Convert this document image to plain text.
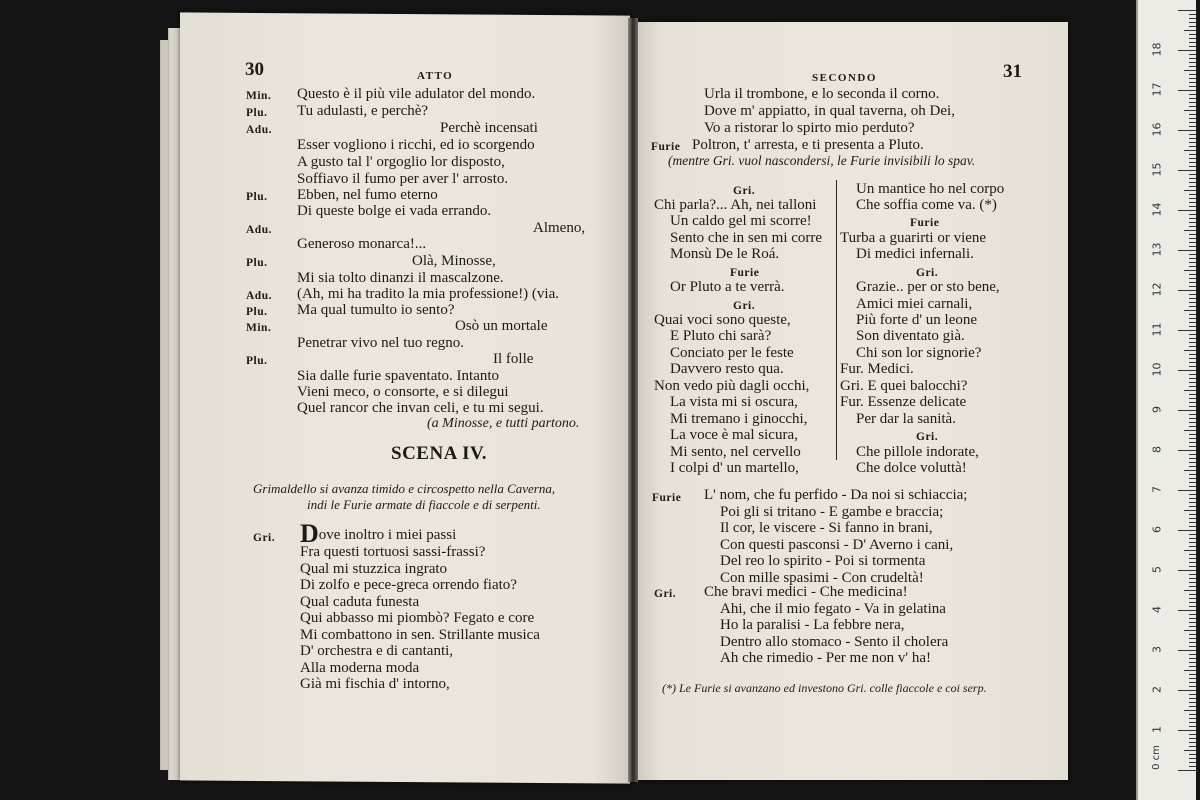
30	ATTO
Min. Questo è il più vile adulator del mondo.
Plu. Tu adulasti, e perchè?
Adu.	Perchè incensati
Esser vogliono i ricchi, ed io scorgendo
A gusto tal l' orgoglio lor disposto,
Soffiavo il fumo per aver l' arrosto.
Plu. Ebben, nel fumo eterno
Di queste bolge ei vada errando.
Adu.	Almeno,
Generoso monarca!...
Plu.	Olà, Minosse,
Mi sia tolto dinanzi il mascalzone.
Adu. (Ah, mi ha tradito la mia professione!) (via.
Plu. Ma qual tumulto io sento?
Min.	Osò un mortale
Penetrar vivo nel tuo regno.
Plu.	Il folle
Sia dalle furie spaventato. Intanto
Vieni meco, o consorte, e si dilegui
Quel rancor che invan celi, e tu mi segui.
(a Minosse, e tutti partono.
SCENA IV.
Grimaldello si avanza timido e circospetto nella Caverna,
indi le Furie armate di fiaccole e di serpenti.
Gri. Dove inoltro i miei passi
Fra questi tortuosi sassi-frassi?
Qual mi stuzzica ingrato
Di zolfo e pece-greca orrendo fiato?
Qual caduta funesta
Qui abbasso mi piombò? Fegato e core
Mi combattono in sen. Strillante musica
D' orchestra e di cantanti,
Alla moderna moda
Già mi fischia d' intorno,
SECONDO	31
Urla il trombone, e lo seconda il corno.
Dove m' appiatto, in qual taverna, oh Dei,
Vo a ristorar lo spirto mio perduto?
Furie Poltron, t' arresta, e ti presenta a Pluto.
(mentre Gri. vuol nascondersi, le Furie invisibili lo spav.
Gri.
Chi parla?... Ah, nei talloni
Un caldo gel mi scorre!
Sento che in sen mi corre
Monsù De le Roá.
Furie
Or Pluto a te verrà.
Gri.
Quai voci sono queste,
E Pluto chi sarà?
Conciato per le feste
Davvero resto qua.
Non vedo più dagli occhi,
La vista mi si oscura,
Mi tremano i ginocchi,
La voce è mal sicura,
Mi sento, nel cervello
I colpi d' un martello,
Un mantice ho nel corpo
Che soffia come va. (*)
Furie
Turba a guarirti or viene
Di medici infernali.
Gri.
Grazie.. per or sto bene,
Amici miei carnali,
Più forte d' un leone
Son diventato già.
Chi son lor signorie?
Fur. Medici.
Gri. E quei balocchi?
Fur. Essenze delicate
Per dar la sanità.
Gri.
Che pillole indorate,
Che dolce voluttà!
Furie L' nom, che fu perfido - Da noi si schiaccia;
Poi gli si tritano - E gambe e braccia;
Il cor, le viscere - Si fanno in brani,
Con questi pasconsi - D' Averno i cani,
Del reo lo spirito - Poi si tormenta
Con mille spasimi - Con crudeltà!
Gri. Che bravi medici - Che medicina!
Ahi, che il mio fegato - Va in gelatina
Ho la paralisi - La febbre nera,
Dentro allo stomaco - Sento il cholera
Ah che rimedio - Per me non v' ha!
(*) Le Furie si avanzano ed investono Gri. colle fiaccole e coi serp.
18
17
16
15
14
13
12
11
10
9
8
7
6
5
4
3
2
1
0 cm
